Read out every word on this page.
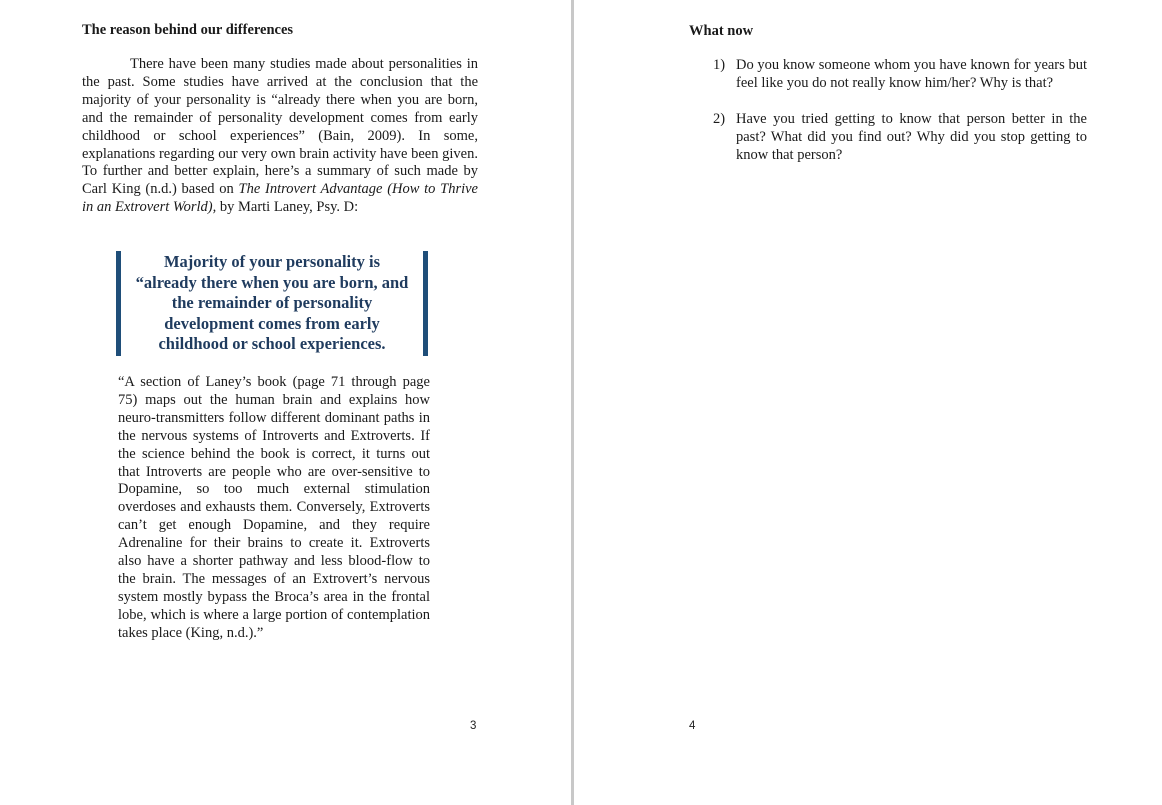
The reason behind our differences

There have been many studies made about personalities in the past. Some studies have arrived at the conclusion that the majority of your personality is “already there when you are born, and the remainder of personality development comes from early childhood or school experiences” (Bain, 2009). In some, explanations regarding our very own brain activity have been given. To further and better explain, here’s a summary of such made by Carl King (n.d.) based on The Introvert Advantage (How to Thrive in an Extrovert World), by Marti Laney, Psy. D:

Majority of your personality is “already there when you are born, and the remainder of personality development comes from early childhood or school experiences.

“A section of Laney’s book (page 71 through page 75) maps out the human brain and explains how neuro-transmitters follow different dominant paths in the nervous systems of Introverts and Extroverts. If the science behind the book is correct, it turns out that Introverts are people who are over-sensitive to Dopamine, so too much external stimulation overdoses and exhausts them. Conversely, Extroverts can’t get enough Dopamine, and they require Adrenaline for their brains to create it. Extroverts also have a shorter pathway and less blood-flow to the brain. The messages of an Extrovert’s nervous system mostly bypass the Broca’s area in the frontal lobe, which is where a large portion of contemplation takes place (King, n.d.).”

3
What now
1) Do you know someone whom you have known for years but feel like you do not really know him/her? Why is that?
2) Have you tried getting to know that person better in the past? What did you find out? Why did you stop getting to know that person?
4
